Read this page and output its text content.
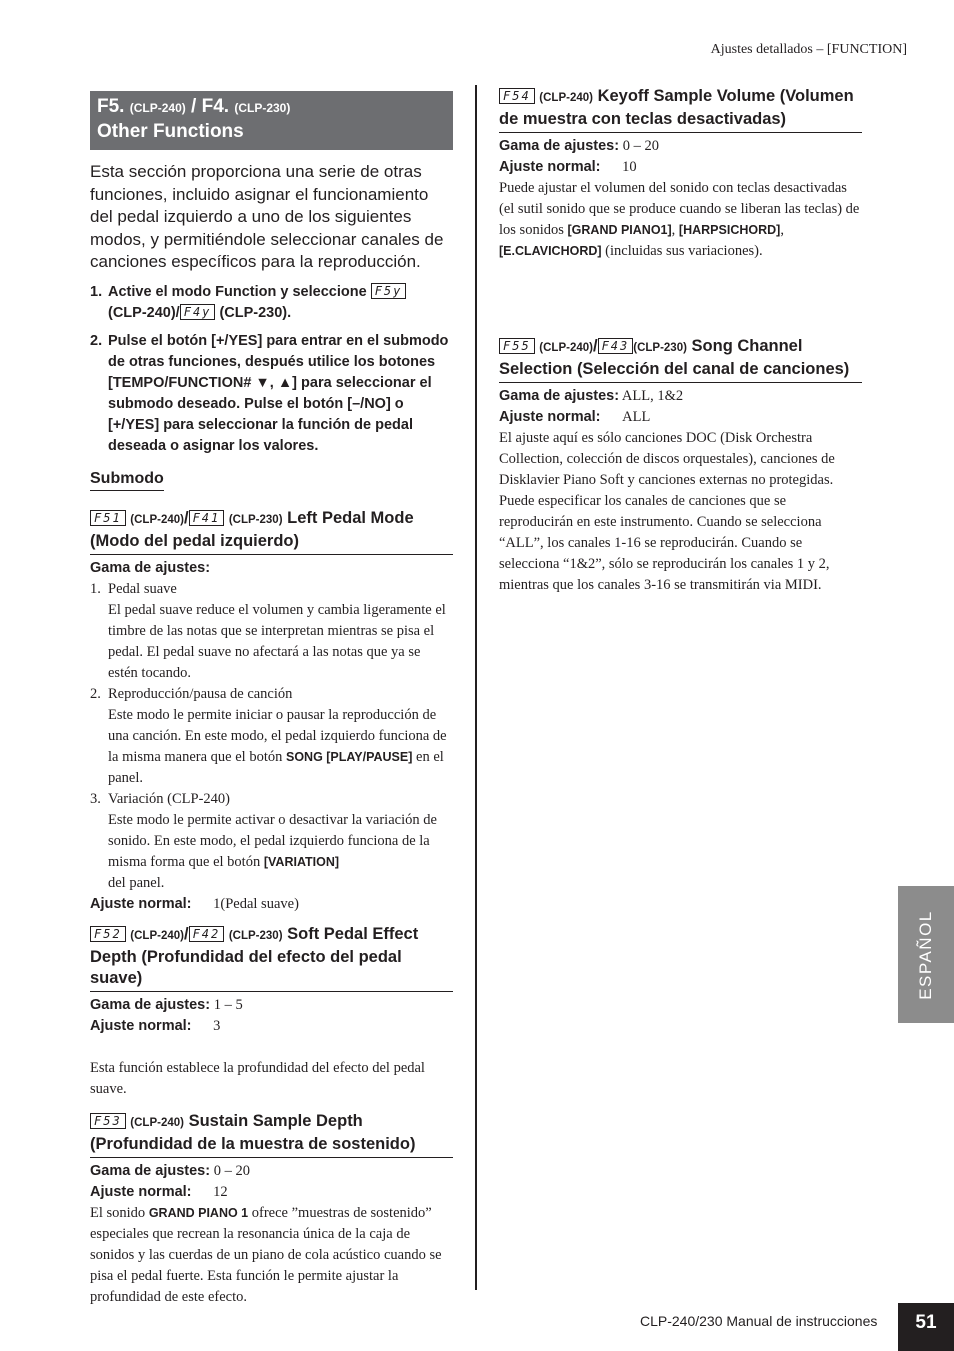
Ajustes detallados – [FUNCTION]
F5. (CLP-240) / F4. (CLP-230)
Other Functions
Esta sección proporciona una serie de otras funciones, incluido asignar el funcionamiento del pedal izquierdo a uno de los siguientes modos, y permitiéndole seleccionar canales de canciones específicos para la reproducción.
1. Active el modo Function y seleccione F5y
(CLP-240)/ F4y (CLP-230).
2. Pulse el botón [+/YES] para entrar en el submodo de otras funciones, después utilice los botones [TEMPO/FUNCTION# ▼, ▲] para seleccionar el submodo deseado. Pulse el botón [–/NO] o [+/YES] para seleccionar la función de pedal deseada o asignar los valores.
Submodo
F51 (CLP-240)/ F41 (CLP-230) Left Pedal Mode (Modo del pedal izquierdo)
Gama de ajustes:
1. Pedal suave
El pedal suave reduce el volumen y cambia ligeramente el timbre de las notas que se interpretan mientras se pisa el pedal. El pedal suave no afectará a las notas que ya se estén tocando.
2. Reproducción/pausa de canción
Este modo le permite iniciar o pausar la reproducción de una canción. En este modo, el pedal izquierdo funciona de la misma manera que el botón SONG [PLAY/PAUSE] en el panel.
3. Variación (CLP-240)
Este modo le permite activar o desactivar la variación de sonido. En este modo, el pedal izquierdo funciona de la misma forma que el botón [VARIATION]
del panel.
Ajuste normal: 1(Pedal suave)
F52 (CLP-240)/ F42 (CLP-230) Soft Pedal Effect Depth (Profundidad del efecto del pedal suave)
Gama de ajustes: 1 – 5
Ajuste normal: 3
Esta función establece la profundidad del efecto del pedal suave.
F53 (CLP-240) Sustain Sample Depth (Profundidad de la muestra de sostenido)
Gama de ajustes: 0 – 20
Ajuste normal: 12
El sonido GRAND PIANO 1 ofrece ”muestras de sostenido” especiales que recrean la resonancia única de la caja de sonidos y las cuerdas de un piano de cola acústico cuando se pisa el pedal fuerte. Esta función le permite ajustar la profundidad de este efecto.
F54 (CLP-240) Keyoff Sample Volume (Volumen de muestra con teclas desactivadas)
Gama de ajustes: 0 – 20
Ajuste normal: 10
Puede ajustar el volumen del sonido con teclas desactivadas (el sutil sonido que se produce cuando se liberan las teclas) de los sonidos [GRAND PIANO1], [HARPSICHORD], [E.CLAVICHORD] (incluidas sus variaciones).
F55 (CLP-240)/ F43 (CLP-230) Song Channel Selection (Selección del canal de canciones)
Gama de ajustes: ALL, 1&2
Ajuste normal: ALL
El ajuste aquí es sólo canciones DOC (Disk Orchestra Collection, colección de discos orquestales), canciones de Disklavier Piano Soft y canciones externas no protegidas. Puede especificar los canales de canciones que se reproducirán en este instrumento. Cuando se selecciona “ALL”, los canales 1-16 se reproducirán. Cuando se selecciona “1&2”, sólo se reproducirán los canales 1 y 2, mientras que los canales 3-16 se transmitirán via MIDI.
ESPAÑOL
CLP-240/230 Manual de instrucciones	51
